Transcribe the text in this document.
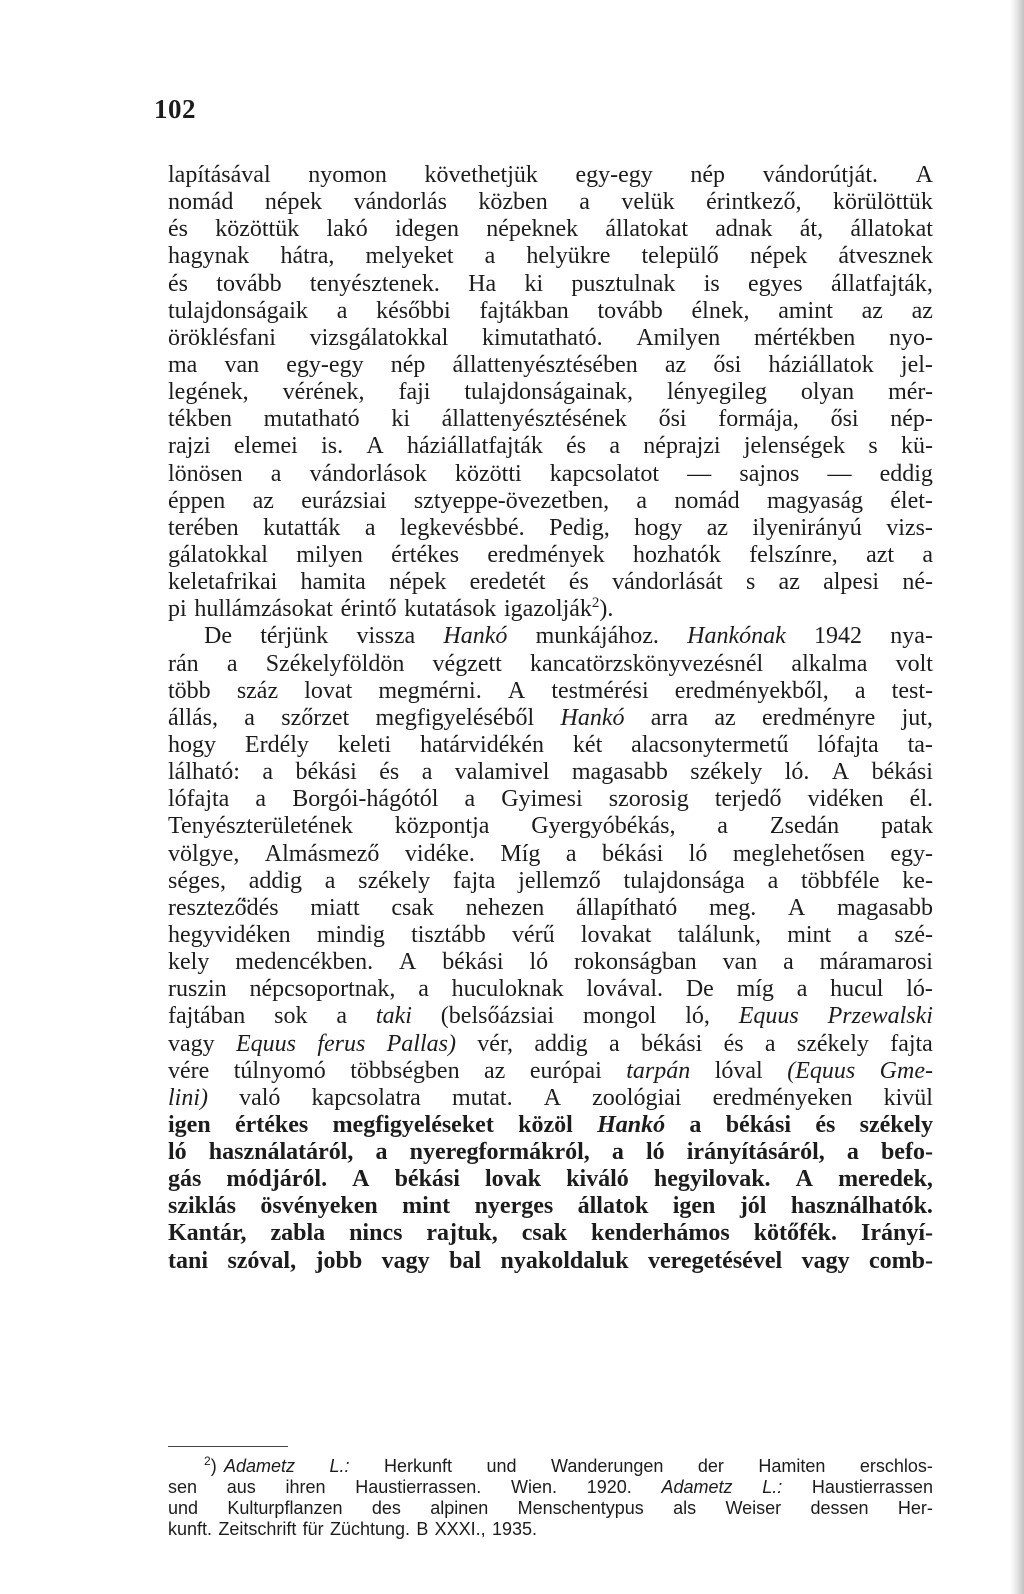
102
lapításával nyomon követhetjük egy-egy nép vándorútját. A
nomád népek vándorlás közben a velük érintkező, körülöttük
és közöttük lakó idegen népeknek állatokat adnak át, állatokat
hagynak hátra, melyeket a helyükre települő népek átvesznek
és tovább tenyésztenek. Ha ki pusztulnak is egyes állatfajták,
tulajdonságaik a későbbi fajtákban tovább élnek, amint az az
öröklésfani vizsgálatokkal kimutatható. Amilyen mértékben nyo-
ma van egy-egy nép állattenyésztésében az ősi háziállatok jel-
legének, vérének, faji tulajdonságainak, lényegileg olyan mér-
tékben mutatható ki állattenyésztésének ősi formája, ősi nép-
rajzi elemei is. A háziállatfajták és a néprajzi jelenségek s kü-
lönösen a vándorlások közötti kapcsolatot — sajnos — eddig
éppen az eurázsiai sztyeppe-övezetben, a nomád magyaság élet-
terében kutatták a legkevésbbé. Pedig, hogy az ilyenirányú vizs-
gálatokkal milyen értékes eredmények hozhatók felszínre, azt a
keletafrikai hamita népek eredetét és vándorlását s az alpesi né-
pi hullámzásokat érintő kutatások igazolják2).
De térjünk vissza Hankó munkájához. Hankónak 1942 nya-
rán a Székelyföldön végzett kancatörzskönyvezésnél alkalma volt
több száz lovat megmérni. A testmérési eredményekből, a test-
állás, a szőrzet megfigyeléséből Hankó arra az eredményre jut,
hogy Erdély keleti határvidékén két alacsonytermetű lófajta ta-
lálható: a békási és a valamivel magasabb székely ló. A békási
lófajta a Borgói-hágótól a Gyimesi szorosig terjedő vidéken él.
Tenyészterületének központja Gyergyóbékás, a Zsedán patak
völgye, Almásmező vidéke. Míg a békási ló meglehetősen egy-
séges, addig a székely fajta jellemző tulajdonsága a többféle ke-
resztező̈dés miatt csak nehezen állapítható meg. A magasabb
hegyvidéken mindig tisztább vérű lovakat találunk, mint a szé-
kely medencékben. A békási ló rokonságban van a máramarosi
ruszin népcsoportnak, a huculoknak lovával. De míg a hucul ló-
fajtában sok a taki (belsőázsiai mongol ló, Equus Przewalski
vagy Equus ferus Pallas) vér, addig a békási és a székely fajta
vére túlnyomó többségben az európai tarpán lóval (Equus Gme-
lini) való kapcsolatra mutat. A zoológiai eredményeken kivül
igen értékes megfigyeléseket közöl Hankó a békási és székely
ló használatáról, a nyeregformákról, a ló irányításáról, a befo-
gás módjáról. A békási lovak kiváló hegyilovak. A meredek,
sziklás ösvényeken mint nyerges állatok igen jól használhatók.
Kantár, zabla nincs rajtuk, csak kenderhámos kötőfék. Irányí-
tani szóval, jobb vagy bal nyakoldaluk veregetésével vagy comb-
$^2$) Adametz L.: Herkunft und Wanderungen der Hamiten erschlos-
sen aus ihren Haustierrassen. Wien. 1920. Adametz L.: Haustierrassen
und Kulturpflanzen des alpinen Menschentypus als Weiser dessen Her-
kunft. Zeitschrift für Züchtung. B XXXI., 1935.
